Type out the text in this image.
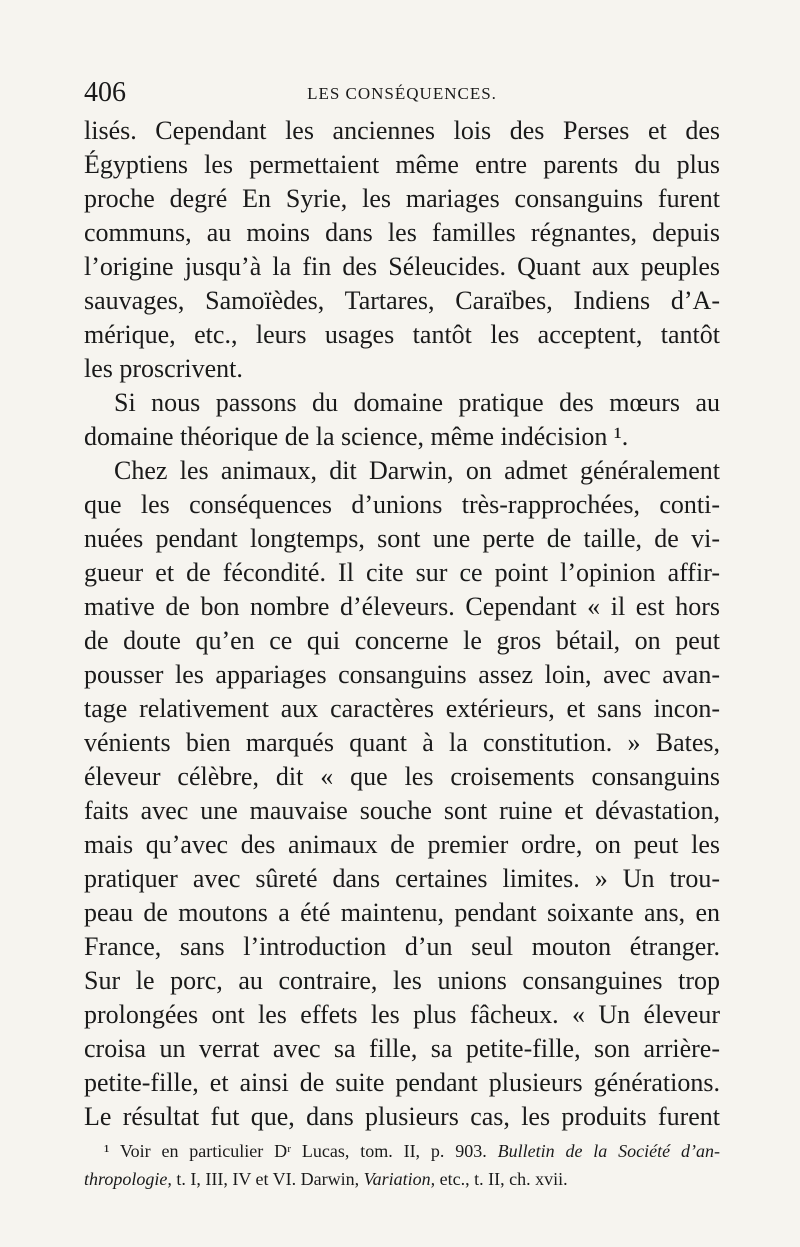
406	LES CONSÉQUENCES.
lisés. Cependant les anciennes lois des Perses et des
Égyptiens les permettaient même entre parents du plus
proche degré En Syrie, les mariages consanguins furent
communs, au moins dans les familles régnantes, depuis
l’origine jusqu’à la fin des Séleucides. Quant aux peuples
sauvages, Samoïèdes, Tartares, Caraïbes, Indiens d’A-
mérique, etc., leurs usages tantôt les acceptent, tantôt
les proscrivent.
Si nous passons du domaine pratique des mœurs au
domaine théorique de la science, même indécision ¹.
Chez les animaux, dit Darwin, on admet généralement
que les conséquences d’unions très-rapprochées, conti-
nuées pendant longtemps, sont une perte de taille, de vi-
gueur et de fécondité. Il cite sur ce point l’opinion affir-
mative de bon nombre d’éleveurs. Cependant « il est hors
de doute qu’en ce qui concerne le gros bétail, on peut
pousser les appariages consanguins assez loin, avec avan-
tage relativement aux caractères extérieurs, et sans incon-
vénients bien marqués quant à la constitution. » Bates,
éleveur célèbre, dit « que les croisements consanguins
faits avec une mauvaise souche sont ruine et dévastation,
mais qu’avec des animaux de premier ordre, on peut les
pratiquer avec sûreté dans certaines limites. » Un trou-
peau de moutons a été maintenu, pendant soixante ans, en
France, sans l’introduction d’un seul mouton étranger.
Sur le porc, au contraire, les unions consanguines trop
prolongées ont les effets les plus fâcheux. « Un éleveur
croisa un verrat avec sa fille, sa petite-fille, son arrière-
petite-fille, et ainsi de suite pendant plusieurs générations.
Le résultat fut que, dans plusieurs cas, les produits furent
¹ Voir en particulier Dʳ Lucas, tom. II, p. 903. Bulletin de la Société d’an-
thropologie, t. I, III, IV et VI. Darwin, Variation, etc., t. II, ch. xvii.
